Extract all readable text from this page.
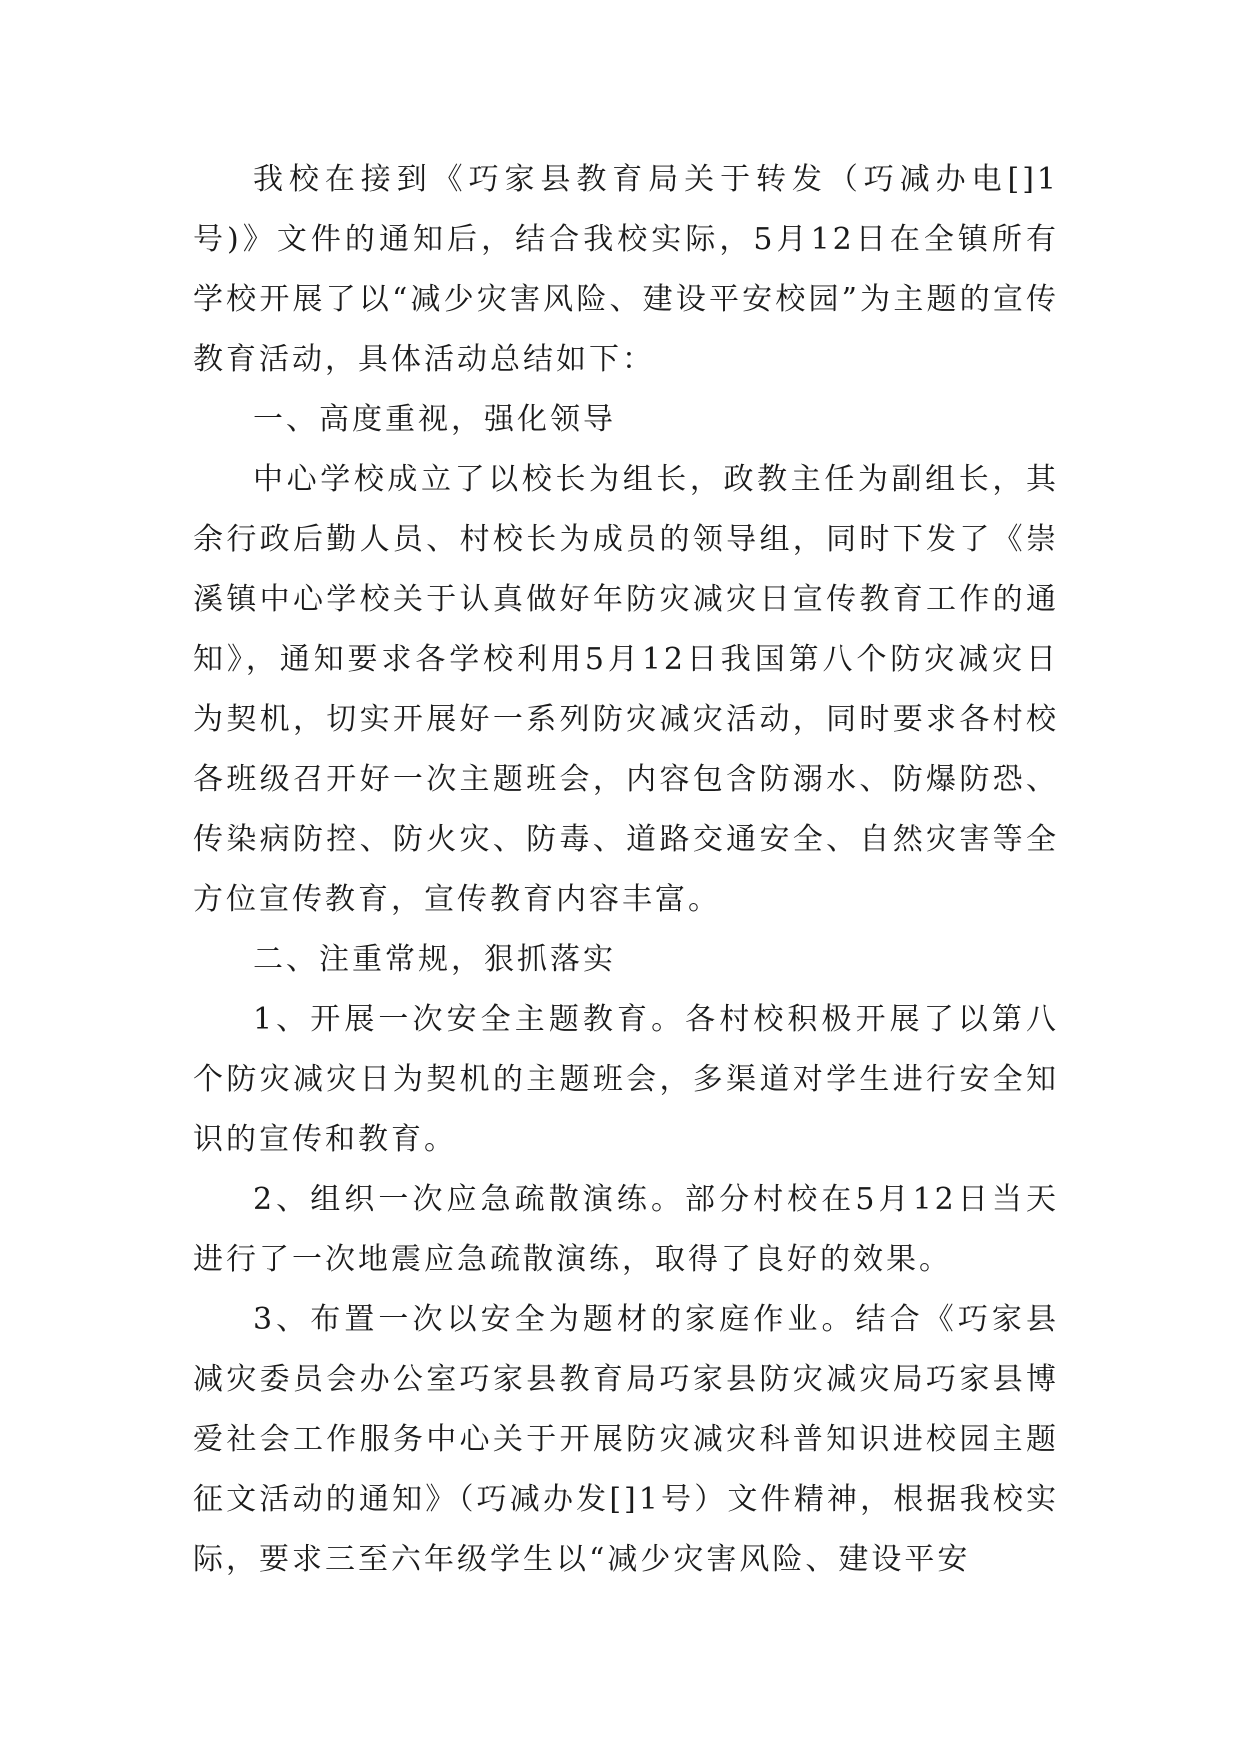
我校在接到《巧家县教育局关于转发（巧减办电[]1号)》文件的通知后，结合我校实际，5月12日在全镇所有学校开展了以“减少灾害风险、建设平安校园”为主题的宣传教育活动，具体活动总结如下：

一、高度重视，强化领导

中心学校成立了以校长为组长，政教主任为副组长，其余行政后勤人员、村校长为成员的领导组，同时下发了《崇溪镇中心学校关于认真做好年防灾减灾日宣传教育工作的通知》，通知要求各学校利用5月12日我国第八个防灾减灾日为契机，切实开展好一系列防灾减灾活动，同时要求各村校各班级召开好一次主题班会，内容包含防溺水、防爆防恐、传染病防控、防火灾、防毒、道路交通安全、自然灾害等全方位宣传教育，宣传教育内容丰富。

二、注重常规，狠抓落实

1、开展一次安全主题教育。各村校积极开展了以第八个防灾减灾日为契机的主题班会，多渠道对学生进行安全知识的宣传和教育。

2、组织一次应急疏散演练。部分村校在5月12日当天进行了一次地震应急疏散演练，取得了良好的效果。

3、布置一次以安全为题材的家庭作业。结合《巧家县减灾委员会办公室巧家县教育局巧家县防灾减灾局巧家县博爱社会工作服务中心关于开展防灾减灾科普知识进校园主题征文活动的通知》（巧减办发[]1号）文件精神，根据我校实际，要求三至六年级学生以“减少灾害风险、建设平安
